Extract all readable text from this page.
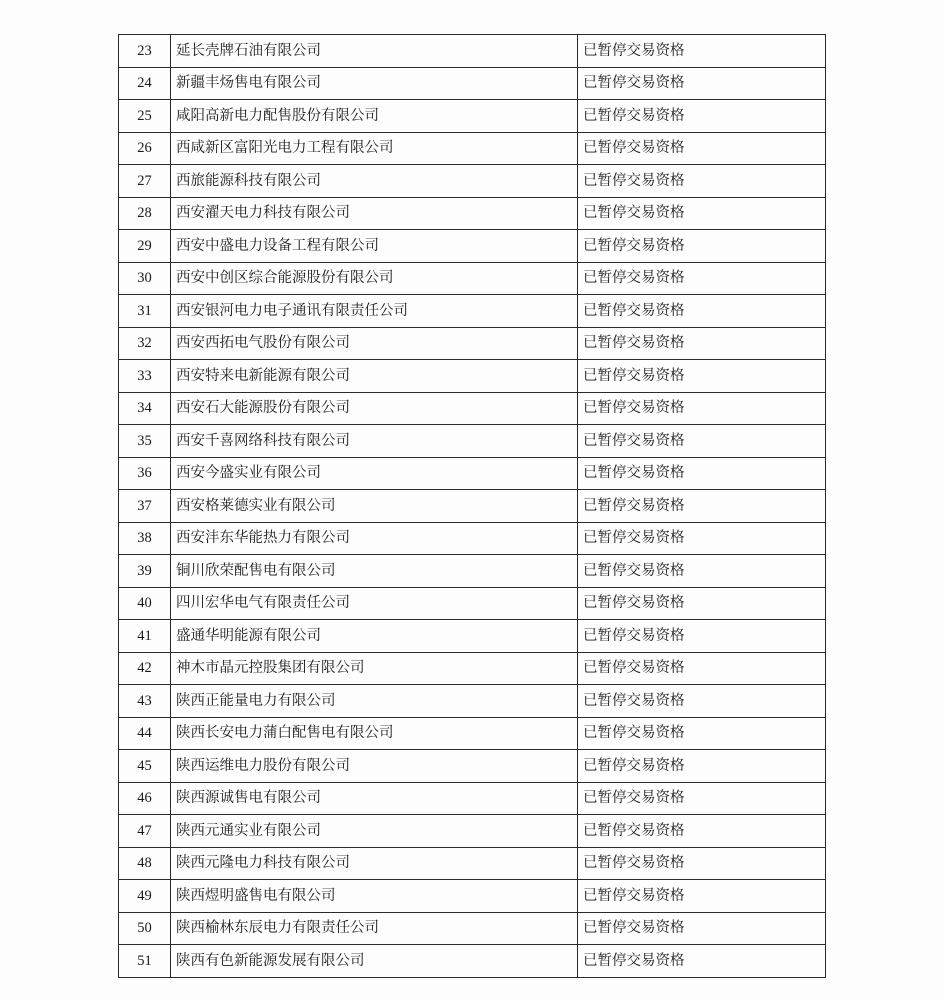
23	延长壳牌石油有限公司	已暂停交易资格
24	新疆丰炀售电有限公司	已暂停交易资格
25	咸阳高新电力配售股份有限公司	已暂停交易资格
26	西咸新区富阳光电力工程有限公司	已暂停交易资格
27	西旅能源科技有限公司	已暂停交易资格
28	西安濯天电力科技有限公司	已暂停交易资格
29	西安中盛电力设备工程有限公司	已暂停交易资格
30	西安中创区综合能源股份有限公司	已暂停交易资格
31	西安银河电力电子通讯有限责任公司	已暂停交易资格
32	西安西拓电气股份有限公司	已暂停交易资格
33	西安特来电新能源有限公司	已暂停交易资格
34	西安石大能源股份有限公司	已暂停交易资格
35	西安千喜网络科技有限公司	已暂停交易资格
36	西安今盛实业有限公司	已暂停交易资格
37	西安格莱德实业有限公司	已暂停交易资格
38	西安沣东华能热力有限公司	已暂停交易资格
39	铜川欣荣配售电有限公司	已暂停交易资格
40	四川宏华电气有限责任公司	已暂停交易资格
41	盛通华明能源有限公司	已暂停交易资格
42	神木市晶元控股集团有限公司	已暂停交易资格
43	陕西正能量电力有限公司	已暂停交易资格
44	陕西长安电力蒲白配售电有限公司	已暂停交易资格
45	陕西运维电力股份有限公司	已暂停交易资格
46	陕西源诚售电有限公司	已暂停交易资格
47	陕西元通实业有限公司	已暂停交易资格
48	陕西元隆电力科技有限公司	已暂停交易资格
49	陕西煜明盛售电有限公司	已暂停交易资格
50	陕西榆林东辰电力有限责任公司	已暂停交易资格
51	陕西有色新能源发展有限公司	已暂停交易资格
